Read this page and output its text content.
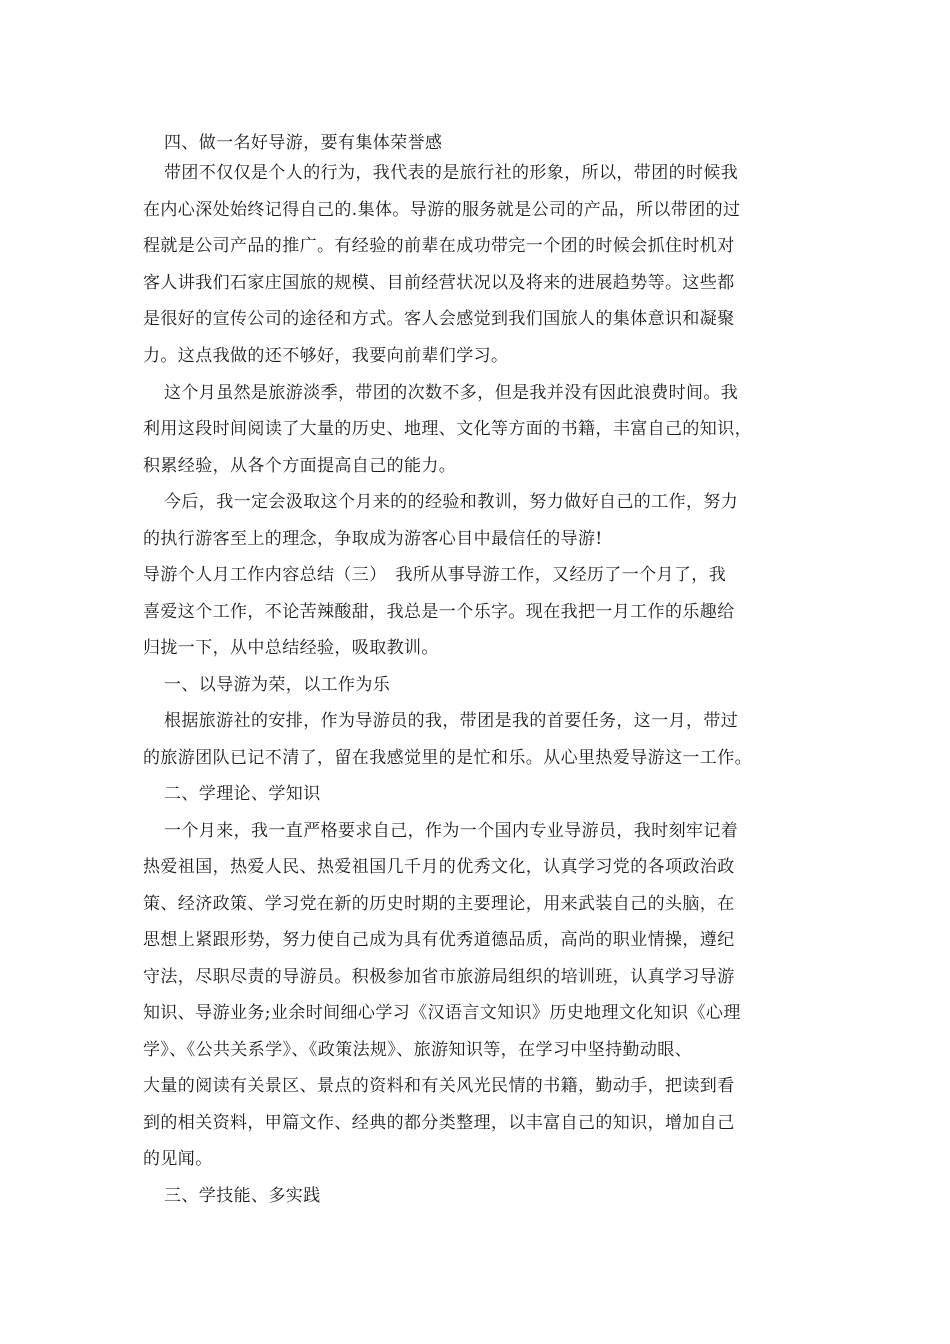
四、做一名好导游，要有集体荣誉感
带团不仅仅是个人的行为，我代表的是旅行社的形象，所以，带团的时候我
在内心深处始终记得自己的.集体。导游的服务就是公司的产品，所以带团的过
程就是公司产品的推广。有经验的前辈在成功带完一个团的时候会抓住时机对
客人讲我们石家庄国旅的规模、目前经营状况以及将来的进展趋势等。这些都
是很好的宣传公司的途径和方式。客人会感觉到我们国旅人的集体意识和凝聚
力。这点我做的还不够好，我要向前辈们学习。
这个月虽然是旅游淡季，带团的次数不多，但是我并没有因此浪费时间。我
利用这段时间阅读了大量的历史、地理、文化等方面的书籍，丰富自己的知识，
积累经验，从各个方面提高自己的能力。
今后，我一定会汲取这个月来的的经验和教训，努力做好自己的工作，努力
的执行游客至上的理念，争取成为游客心目中最信任的导游!
导游个人月工作内容总结（三）　我所从事导游工作，又经历了一个月了，我
喜爱这个工作，不论苦辣酸甜，我总是一个乐字。现在我把一月工作的乐趣给
归拢一下，从中总结经验，吸取教训。
一、以导游为荣，以工作为乐
根据旅游社的安排，作为导游员的我，带团是我的首要任务，这一月，带过
的旅游团队已记不清了，留在我感觉里的是忙和乐。从心里热爱导游这一工作。
二、学理论、学知识
一个月来，我一直严格要求自己，作为一个国内专业导游员，我时刻牢记着
热爱祖国，热爱人民、热爱祖国几千月的优秀文化，认真学习党的各项政治政
策、经济政策、学习党在新的历史时期的主要理论，用来武装自己的头脑，在
思想上紧跟形势，努力使自己成为具有优秀道德品质，高尚的职业情操，遵纪
守法，尽职尽责的导游员。积极参加省市旅游局组织的培训班，认真学习导游
知识、导游业务;业余时间细心学习《汉语言文知识》历史地理文化知识《心理
学》、《公共关系学》、《政策法规》、旅游知识等，在学习中坚持勤动眼、
大量的阅读有关景区、景点的资料和有关风光民情的书籍，勤动手，把读到看
到的相关资料，甲篇文作、经典的都分类整理，以丰富自己的知识，增加自己
的见闻。
三、学技能、多实践
